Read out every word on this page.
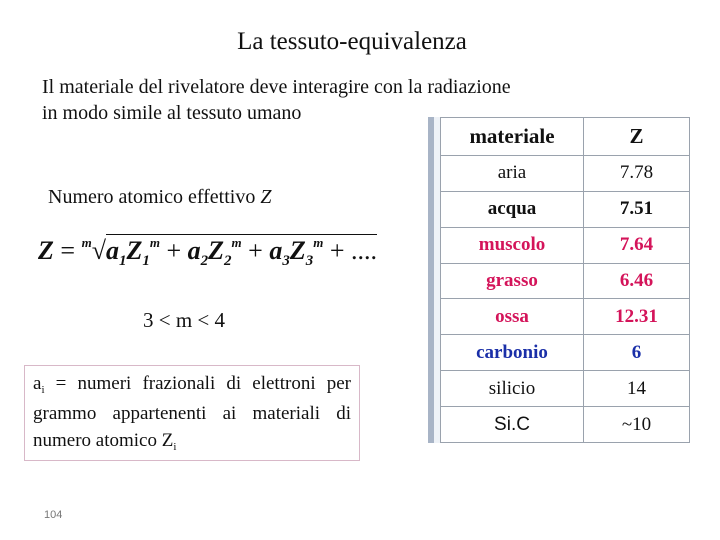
La tessuto-equivalenza
Il materiale del rivelatore deve interagire con la radiazione
in modo simile al tessuto umano
Numero atomico effettivo Z
$Z = ^m√a_1Z_1^m + a_2Z_2^m + a_3Z_3^m$ + ....
3 < m < 4
$a_i$ = numeri frazionali di elettroni per grammo appartenenti ai materiali di numero atomico $Z_i$
104
materiale	Z
aria	7.78
acqua	7.51
muscolo	7.64
grasso	6.46
ossa	12.31
carbonio	6
silicio	14
Si.C	~10
